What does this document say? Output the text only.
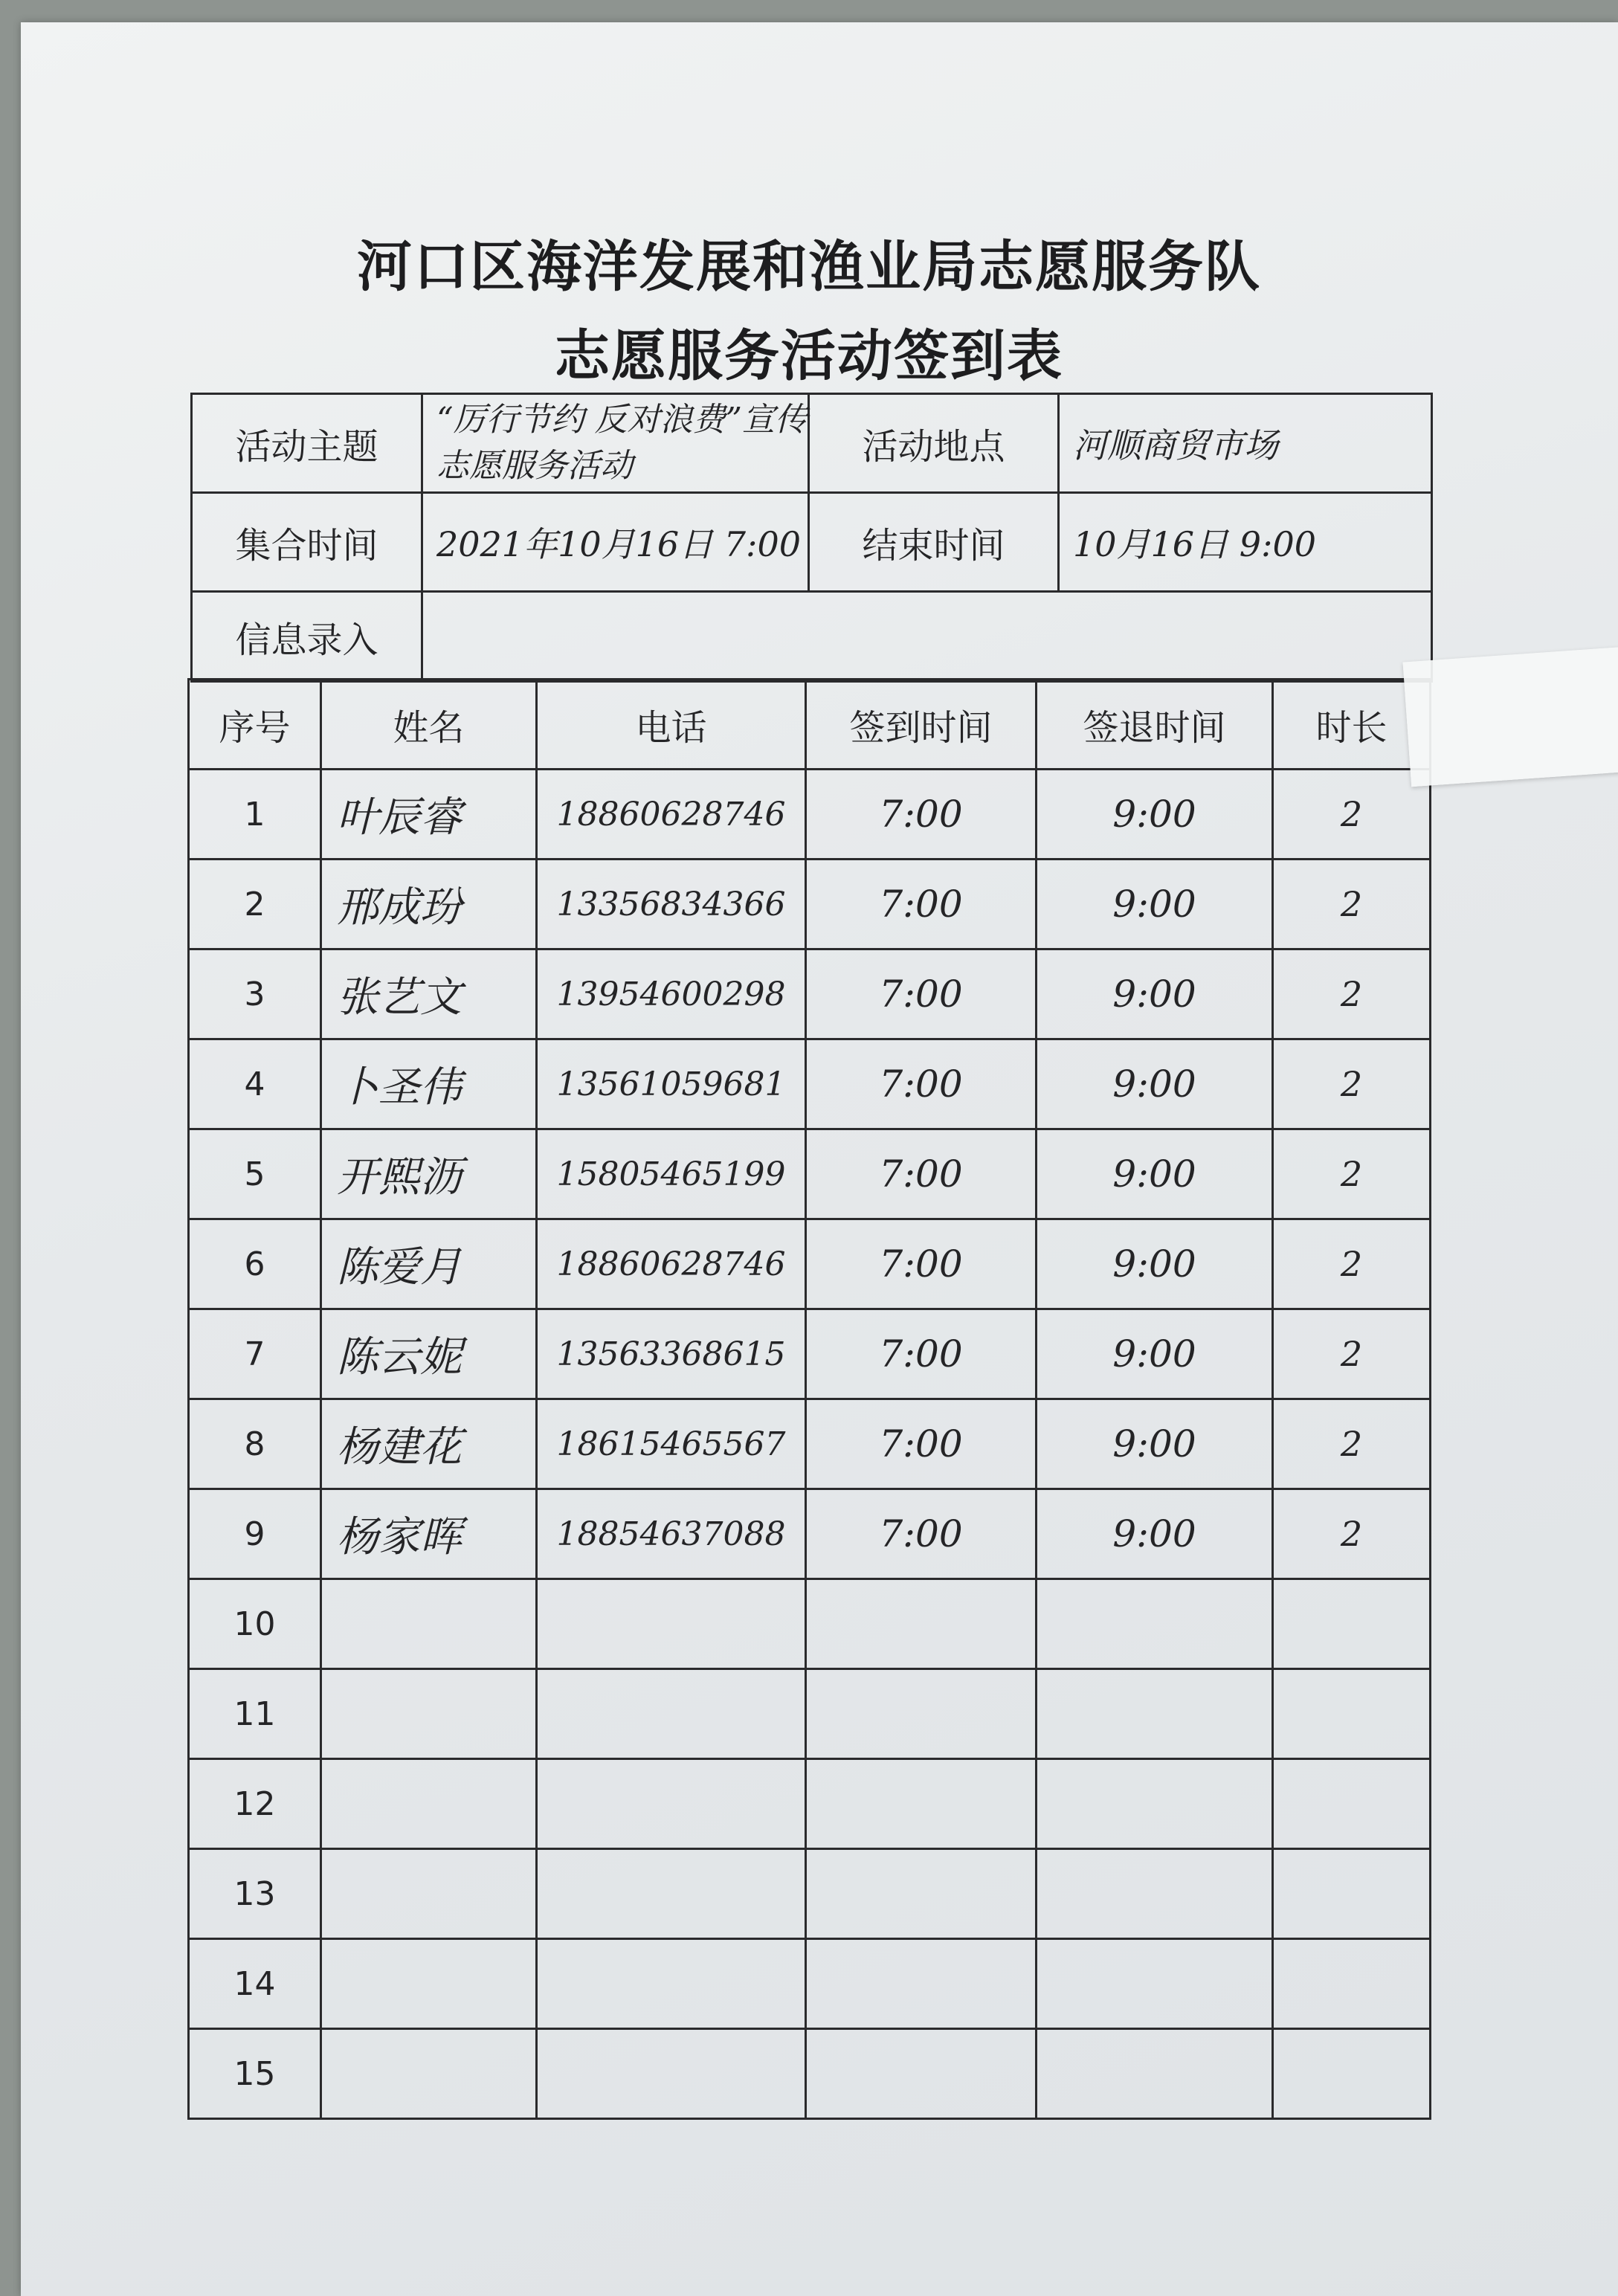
河口区海洋发展和渔业局志愿服务队
志愿服务活动签到表
活动主题	“厉行节约 反对浪费”宣传志愿服务活动	活动地点	河顺商贸市场
集合时间	2021年10月16日 7:00	结束时间	10月16日 9:00
信息录入			
序号	姓名	电话	签到时间	签退时间	时长
1	叶辰睿	18860628746	7:00	9:00	2
2	邢成玢	13356834366	7:00	9:00	2
3	张艺文	13954600298	7:00	9:00	2
4	卜圣伟	13561059681	7:00	9:00	2
5	开熙沥	15805465199	7:00	9:00	2
6	陈爱月	18860628746	7:00	9:00	2
7	陈云妮	13563368615	7:00	9:00	2
8	杨建花	18615465567	7:00	9:00	2
9	杨家晖	18854637088	7:00	9:00	2
10					
11					
12					
13					
14					
15					
